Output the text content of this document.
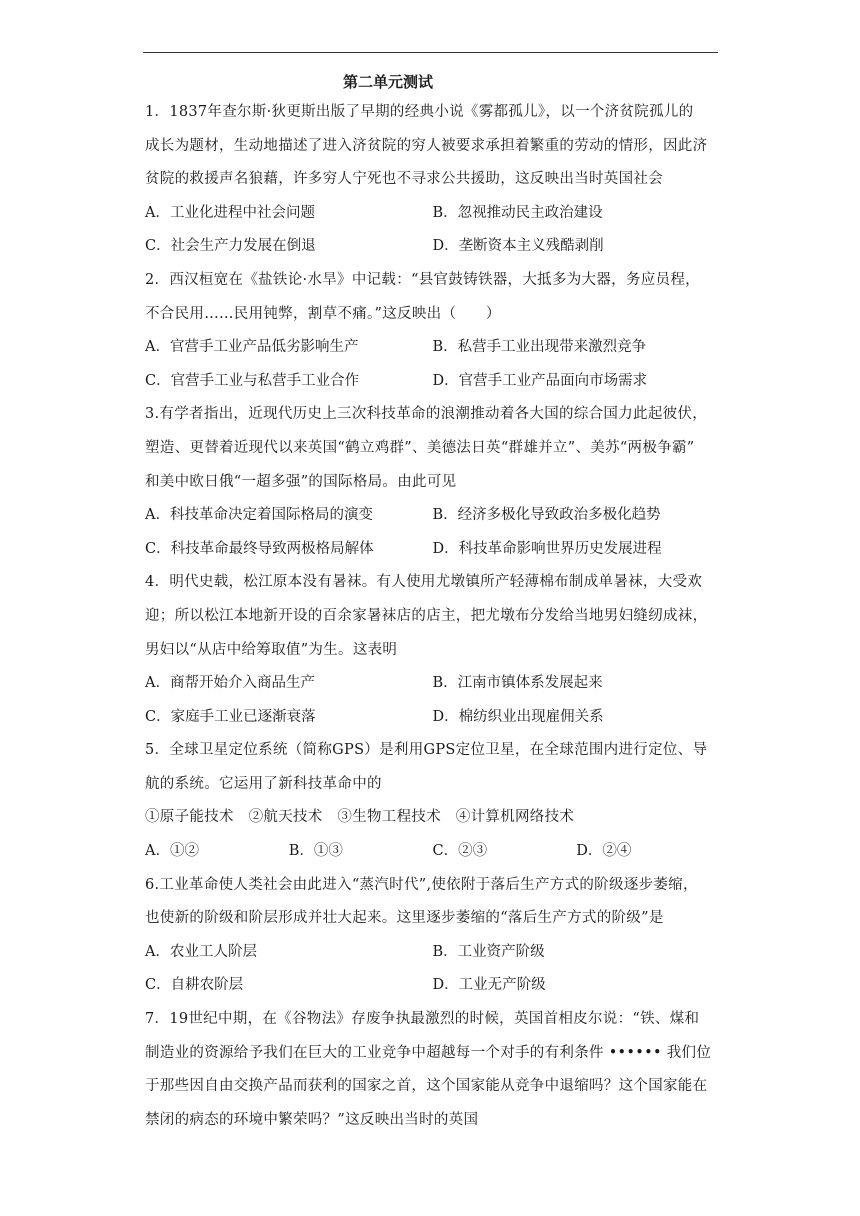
第二单元测试
1．1837年查尔斯·狄更斯出版了早期的经典小说《雾都孤儿》，以一个济贫院孤儿的
成长为题材，生动地描述了进入济贫院的穷人被要求承担着繁重的劳动的情形，因此济
贫院的救援声名狼藉，许多穷人宁死也不寻求公共援助，这反映出当时英国社会
A．工业化进程中社会问题	B．忽视推动民主政治建设
C．社会生产力发展在倒退	D．垄断资本主义残酷剥削
2．西汉桓宽在《盐铁论·水旱》中记载：“县官鼓铸铁器，大抵多为大器，务应员程，
不合民用……民用钝弊，割草不痛。”这反映出（　　）
A．官营手工业产品低劣影响生产	B．私营手工业出现带来激烈竞争
C．官营手工业与私营手工业合作	D．官营手工业产品面向市场需求
3.有学者指出，近现代历史上三次科技革命的浪潮推动着各大国的综合国力此起彼伏，
塑造、更替着近现代以来英国“鹤立鸡群”、美德法日英“群雄并立”、美苏“两极争霸”
和美中欧日俄“一超多强”的国际格局。由此可见
A．科技革命决定着国际格局的演变	B．经济多极化导致政治多极化趋势
C．科技革命最终导致两极格局解体	D．科技革命影响世界历史发展进程
4．明代史载，松江原本没有暑袜。有人使用尤墩镇所产轻薄棉布制成单暑袜，大受欢
迎；所以松江本地新开设的百余家暑袜店的店主，把尤墩布分发给当地男妇缝纫成袜，
男妇以“从店中给筹取值”为生。这表明
A．商帮开始介入商品生产	B．江南市镇体系发展起来
C．家庭手工业已逐渐衰落	D．棉纺织业出现雇佣关系
5．全球卫星定位系统（简称GPS）是利用GPS定位卫星，在全球范围内进行定位、导
航的系统。它运用了新科技革命中的
①原子能技术　②航天技术　③生物工程技术　④计算机网络技术
A．①②	B．①③	C．②③	D．②④
6.工业革命使人类社会由此进入“蒸汽时代”,使依附于落后生产方式的阶级逐步萎缩，
也使新的阶级和阶层形成并壮大起来。这里逐步萎缩的“落后生产方式的阶级”是
A．农业工人阶层	B．工业资产阶级
C．自耕农阶层	D．工业无产阶级
7．19世纪中期，在《谷物法》存废争执最激烈的时候，英国首相皮尔说：“铁、煤和
制造业的资源给予我们在巨大的工业竞争中超越每一个对手的有利条件 •••••• 我们位
于那些因自由交换产品而获利的国家之首，这个国家能从竞争中退缩吗？这个国家能在
禁闭的病态的环境中繁荣吗？”这反映出当时的英国
